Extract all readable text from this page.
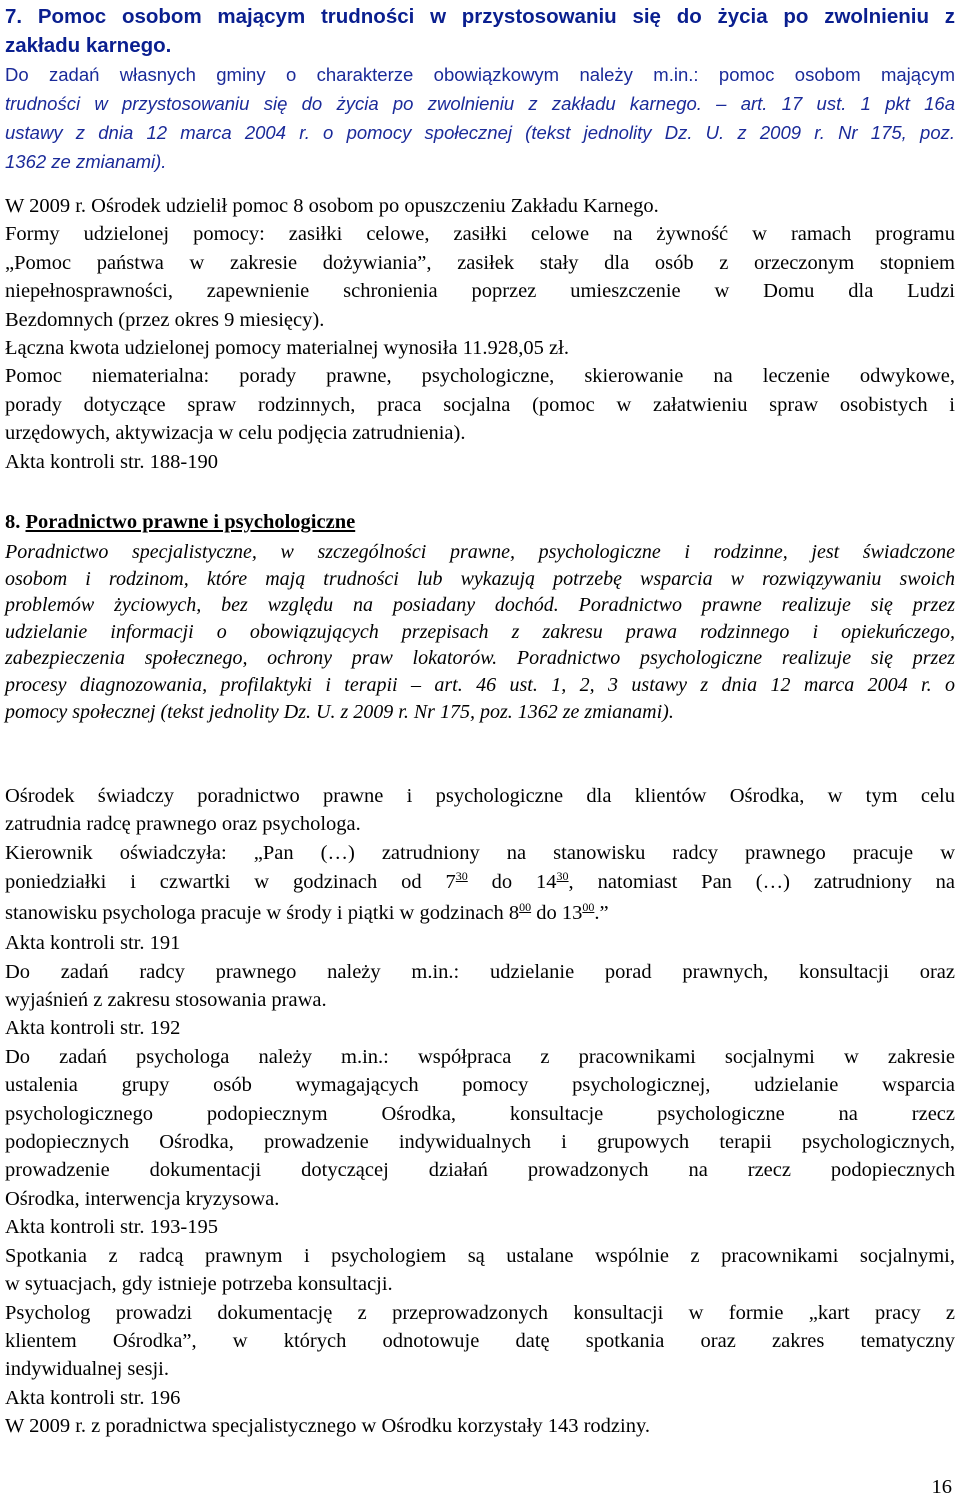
7. Pomoc osobom mającym trudności w przystosowaniu się do życia po zwolnieniu z
zakładu karnego.
Do zadań własnych gminy o charakterze obowiązkowym należy m.in.: pomoc osobom mającym
trudności w przystosowaniu się do życia po zwolnieniu z zakładu karnego. – art. 17 ust. 1 pkt 16a
ustawy z dnia 12 marca 2004 r. o pomocy społecznej (tekst jednolity Dz. U. z 2009 r. Nr 175, poz.
1362 ze zmianami).
W 2009 r. Ośrodek udzielił pomoc 8 osobom po opuszczeniu Zakładu Karnego.
Formy udzielonej pomocy: zasiłki celowe, zasiłki celowe na żywność w ramach programu
„Pomoc państwa w zakresie dożywiania”, zasiłek stały dla osób z orzeczonym stopniem
niepełnosprawności, zapewnienie schronienia poprzez umieszczenie w Domu dla Ludzi
Bezdomnych (przez okres 9 miesięcy).
Łączna kwota udzielonej pomocy materialnej wynosiła 11.928,05 zł.
Pomoc niematerialna: porady prawne, psychologiczne, skierowanie na leczenie odwykowe,
porady dotyczące spraw rodzinnych, praca socjalna (pomoc w załatwieniu spraw osobistych i
urzędowych, aktywizacja w celu podjęcia zatrudnienia).
Akta kontroli str. 188-190
8. Poradnictwo prawne i psychologiczne
Poradnictwo specjalistyczne, w szczególności prawne, psychologiczne i rodzinne, jest świadczone
osobom i rodzinom, które mają trudności lub wykazują potrzebę wsparcia w rozwiązywaniu swoich
problemów życiowych, bez względu na posiadany dochód. Poradnictwo prawne realizuje się przez
udzielanie informacji o obowiązujących przepisach z zakresu prawa rodzinnego i opiekuńczego,
zabezpieczenia społecznego, ochrony praw lokatorów. Poradnictwo psychologiczne realizuje się przez
procesy diagnozowania, profilaktyki i terapii – art. 46 ust. 1, 2, 3 ustawy z dnia 12 marca 2004 r. o
pomocy społecznej (tekst jednolity Dz. U. z 2009 r. Nr 175, poz. 1362 ze zmianami).
Ośrodek świadczy poradnictwo prawne i psychologiczne dla klientów Ośrodka, w tym celu
zatrudnia radcę prawnego oraz psychologa.
Kierownik oświadczyła: „Pan (…) zatrudniony na stanowisku radcy prawnego pracuje w
poniedziałki i czwartki w godzinach od $7^{30}$ do $14^{30}$, natomiast Pan (…) zatrudniony na
stanowisku psychologa pracuje w środy i piątki w godzinach $8^{00}$ do $13^{00}$.”
Akta kontroli str. 191
Do zadań radcy prawnego należy m.in.: udzielanie porad prawnych, konsultacji oraz
wyjaśnień z zakresu stosowania prawa.
Akta kontroli str. 192
Do zadań psychologa należy m.in.: współpraca z pracownikami socjalnymi w zakresie
ustalenia grupy osób wymagających pomocy psychologicznej, udzielanie wsparcia
psychologicznego podopiecznym Ośrodka, konsultacje psychologiczne na rzecz
podopiecznych Ośrodka, prowadzenie indywidualnych i grupowych terapii psychologicznych,
prowadzenie dokumentacji dotyczącej działań prowadzonych na rzecz podopiecznych
Ośrodka, interwencja kryzysowa.
Akta kontroli str. 193-195
Spotkania z radcą prawnym i psychologiem są ustalane wspólnie z pracownikami socjalnymi,
w sytuacjach, gdy istnieje potrzeba konsultacji.
Psycholog prowadzi dokumentację z przeprowadzonych konsultacji w formie „kart pracy z
klientem Ośrodka”, w których odnotowuje datę spotkania oraz zakres tematyczny
indywidualnej sesji.
Akta kontroli str. 196
W 2009 r. z poradnictwa specjalistycznego w Ośrodku korzystały 143 rodziny.
16
